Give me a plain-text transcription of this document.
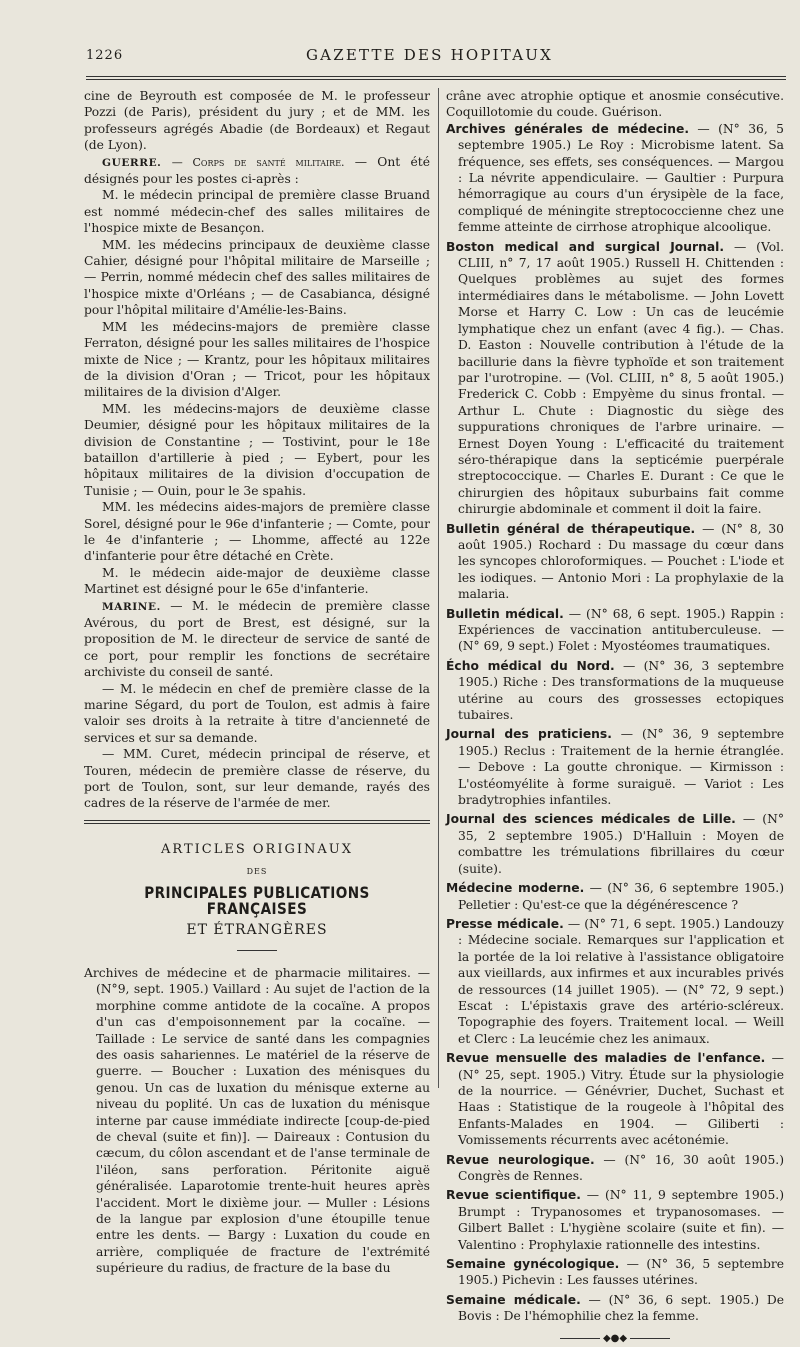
1226	GAZETTE DES HOPITAUX

cine de Beyrouth est composée de M. le professeur Pozzi (de Paris), président du jury ; et de MM. les professeurs agrégés Abadie (de Bordeaux) et Regaut (de Lyon).

GUERRE. — Corps de santé militaire. — Ont été désignés pour les postes ci-après :

M. le médecin principal de première classe Bruand est nommé médecin-chef des salles militaires de l'hospice mixte de Besançon.

MM. les médecins principaux de deuxième classe Cahier, désigné pour l'hôpital militaire de Marseille ; — Perrin, nommé médecin chef des salles militaires de l'hospice mixte d'Orléans ; — de Casabianca, désigné pour l'hôpital militaire d'Amélie-les-Bains.

MM les médecins-majors de première classe Ferraton, désigné pour les salles militaires de l'hospice mixte de Nice ; — Krantz, pour les hôpitaux militaires de la division d'Oran ; — Tricot, pour les hôpitaux militaires de la division d'Alger.

MM. les médecins-majors de deuxième classe Deumier, désigné pour les hôpitaux militaires de la division de Constantine ; — Tostivint, pour le 18e bataillon d'artillerie à pied ; — Eybert, pour les hôpitaux militaires de la division d'occupation de Tunisie ; — Ouin, pour le 3e spahis.

MM. les médecins aides-majors de première classe Sorel, désigné pour le 96e d'infanterie ; — Comte, pour le 4e d'infanterie ; — Lhomme, affecté au 122e d'infanterie pour être détaché en Crète.

M. le médecin aide-major de deuxième classe Martinet est désigné pour le 65e d'infanterie.

MARINE. — M. le médecin de première classe Avérous, du port de Brest, est désigné, sur la proposition de M. le directeur de service de santé de ce port, pour remplir les fonctions de secrétaire archiviste du conseil de santé.

— M. le médecin en chef de première classe de la marine Ségard, du port de Toulon, est admis à faire valoir ses droits à la retraite à titre d'ancienneté de services et sur sa demande.

— MM. Curet, médecin principal de réserve, et Touren, médecin de première classe de réserve, du port de Toulon, sont, sur leur demande, rayés des cadres de la réserve de l'armée de mer.

ARTICLES ORIGINAUX

DES

PRINCIPALES PUBLICATIONS FRANÇAISES

ET ÉTRANGÈRES

Archives de médecine et de pharmacie militaires. — (N°9, sept. 1905.) Vaillard : Au sujet de l'action de la morphine comme antidote de la cocaïne. A propos d'un cas d'empoisonnement par la cocaïne. — Taillade : Le service de santé dans les compagnies des oasis sahariennes. Le matériel de la réserve de guerre. — Boucher : Luxation des ménisques du genou. Un cas de luxation du ménisque externe au niveau du poplité. Un cas de luxation du ménisque interne par cause immédiate indirecte [coup-de-pied de cheval (suite et fin)]. — Daireaux : Contusion du cæcum, du côlon ascendant et de l'anse terminale de l'iléon, sans perforation. Péritonite aiguë généralisée. Laparotomie trente-huit heures après l'accident. Mort le dixième jour. — Muller : Lésions de la langue par explosion d'une étoupille tenue entre les dents. — Bargy : Luxation du coude en arrière, compliquée de fracture de l'extrémité supérieure du radius, de fracture de la base du

crâne avec atrophie optique et anosmie consécutive. Coquillotomie du coude. Guérison.

Archives générales de médecine. — (N° 36, 5 septembre 1905.) Le Roy : Microbisme latent. Sa fréquence, ses effets, ses conséquences. — Margou : La névrite appendiculaire. — Gaultier : Purpura hémorragique au cours d'un érysipèle de la face, compliqué de méningite streptococcienne chez une femme atteinte de cirrhose atrophique alcoolique.

Boston medical and surgical Journal. — (Vol. CLIII, n° 7, 17 août 1905.) Russell H. Chittenden : Quelques problèmes au sujet des formes intermédiaires dans le métabolisme. — John Lovett Morse et Harry C. Low : Un cas de leucémie lymphatique chez un enfant (avec 4 fig.). — Chas. D. Easton : Nouvelle contribution à l'étude de la bacillurie dans la fièvre typhoïde et son traitement par l'urotropine. — (Vol. CLIII, n° 8, 5 août 1905.) Frederick C. Cobb : Empyème du sinus frontal. — Arthur L. Chute : Diagnostic du siège des suppurations chroniques de l'arbre urinaire. — Ernest Doyen Young : L'efficacité du traitement séro-thérapique dans la septicémie puerpérale streptococcique. — Charles E. Durant : Ce que le chirurgien des hôpitaux suburbains fait comme chirurgie abdominale et comment il doit la faire.

Bulletin général de thérapeutique. — (N° 8, 30 août 1905.) Rochard : Du massage du cœur dans les syncopes chloroformiques. — Pouchet : L'iode et les iodiques. — Antonio Mori : La prophylaxie de la malaria.

Bulletin médical. — (N° 68, 6 sept. 1905.) Rappin : Expériences de vaccination antituberculeuse. — (N° 69, 9 sept.) Folet : Myostéomes traumatiques.

Écho médical du Nord. — (N° 36, 3 septembre 1905.) Riche : Des transformations de la muqueuse utérine au cours des grossesses ectopiques tubaires.

Journal des praticiens. — (N° 36, 9 septembre 1905.) Reclus : Traitement de la hernie étranglée. — Debove : La goutte chronique. — Kirmisson : L'ostéomyélite à forme suraiguë. — Variot : Les bradytrophies infantiles.

Journal des sciences médicales de Lille. — (N° 35, 2 septembre 1905.) D'Halluin : Moyen de combattre les trémulations fibrillaires du cœur (suite).

Médecine moderne. — (N° 36, 6 septembre 1905.) Pelletier : Qu'est-ce que la dégénérescence ?

Presse médicale. — (N° 71, 6 sept. 1905.) Landouzy : Médecine sociale. Remarques sur l'application et la portée de la loi relative à l'assistance obligatoire aux vieillards, aux infirmes et aux incurables privés de ressources (14 juillet 1905). — (N° 72, 9 sept.) Escat : L'épistaxis grave des artério-scléreux. Topographie des foyers. Traitement local. — Weill et Clerc : La leucémie chez les animaux.

Revue mensuelle des maladies de l'enfance. — (N° 25, sept. 1905.) Vitry. Étude sur la physiologie de la nourrice. — Génévrier, Duchet, Suchast et Haas : Statistique de la rougeole à l'hôpital des Enfants-Malades en 1904. — Giliberti : Vomissements récurrents avec acétonémie.

Revue neurologique. — (N° 16, 30 août 1905.) Congrès de Rennes.

Revue scientifique. — (N° 11, 9 septembre 1905.) Brumpt : Trypanosomes et trypanosomases. — Gilbert Ballet : L'hygiène scolaire (suite et fin). — Valentino : Prophylaxie rationnelle des intestins.

Semaine gynécologique. — (N° 36, 5 septembre 1905.) Pichevin : Les fausses utérines.

Semaine médicale. — (N° 36, 6 sept. 1905.) De Bovis : De l'hémophilie chez la femme.

◆●◆
